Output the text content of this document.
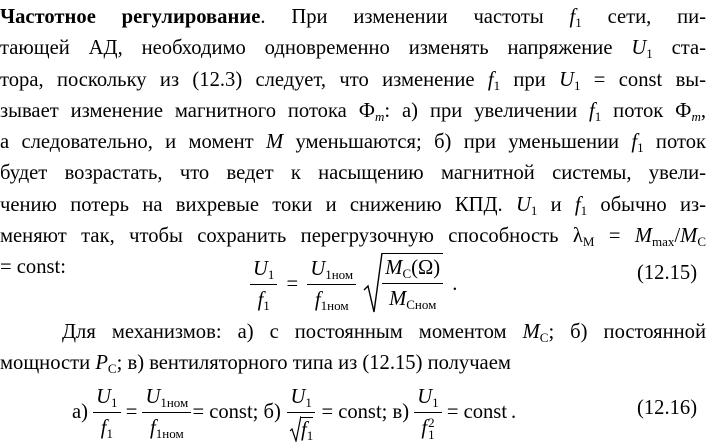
Частотное регулирование. При изменении частоты $f_1$ сети, пи-
тающей АД, необходимо одновременно изменять напряжение $U_1$ ста-
тора, поскольку из (12.3) следует, что изменение $f_1$ при $U_1$ = const вы-
зывает изменение магнитного потока $Ф_m$: а) при увеличении $f_1$ поток $Ф_m$,
а следовательно, и момент M уменьшаются; б) при уменьшении $f_1$ поток
будет возрастать, что ведет к насыщению магнитной системы, увели-
чению потерь на вихревые токи и снижению КПД. $U_1$ и $f_1$ обычно из-
меняют так, чтобы сохранить перегрузочную способность $\lambda_М = M_{max}/M_С$
= const:	$\frac{U_1}{f_1} = \frac{U_{1ном}}{f_{1ном}}$
$\frac{M_С(\Omega)}{M_{Сном}}$ .	(12.15)
Для механизмов: а) с постоянным моментом $M_С$; б) постоянной
мощности $P_С$; в) вентиляторного типа из (12.15) получаем
$а) \frac{U_1}{f_1} = \frac{U_{1ном}}{f_{1ном}}$ = const; $б) \frac{U_1}{f_1}$ = const; в) $U_1$
f 2
1 = const .	(12.16)
